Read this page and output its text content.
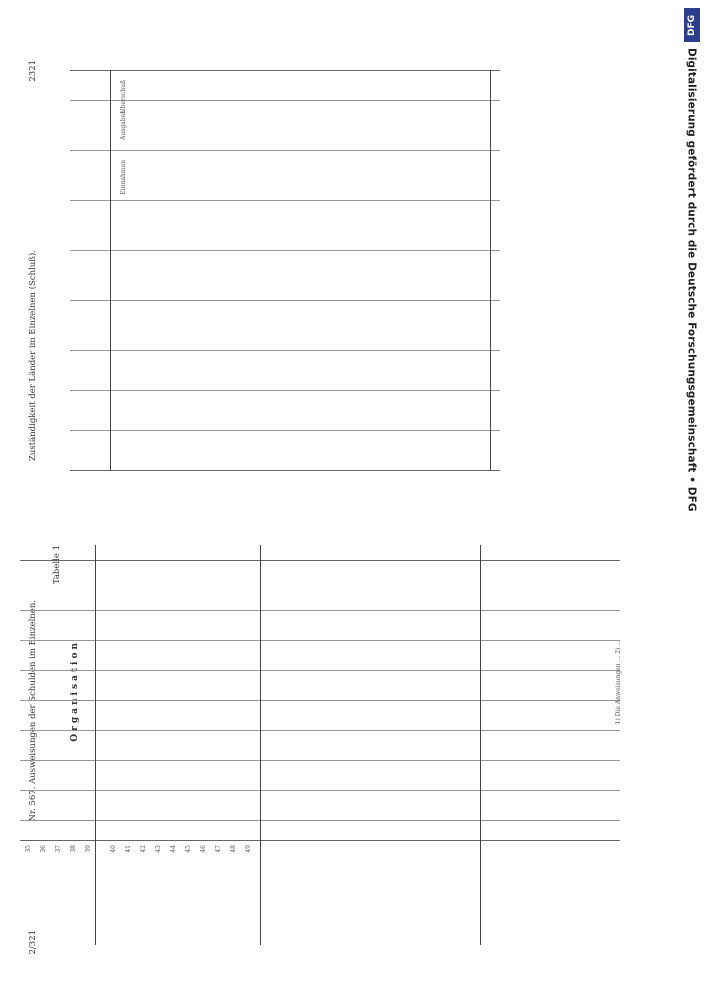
2/321
Nr. 567. Ausweisungen der Schulden im Einzelnen.
Tabelle 1
Organisation
35 36 37 38 39	40 41 42 43 44 45 46 47 48 49
2321
Zuständigkeit der Länder im Einzelnen (Schluß).
Einnahmen
Ausgaben
Überschuß
1) Die Anweisungen ... 2) ...
DFG
Digitalisierung gefördert durch die Deutsche Forschungsgemeinschaft • DFG
